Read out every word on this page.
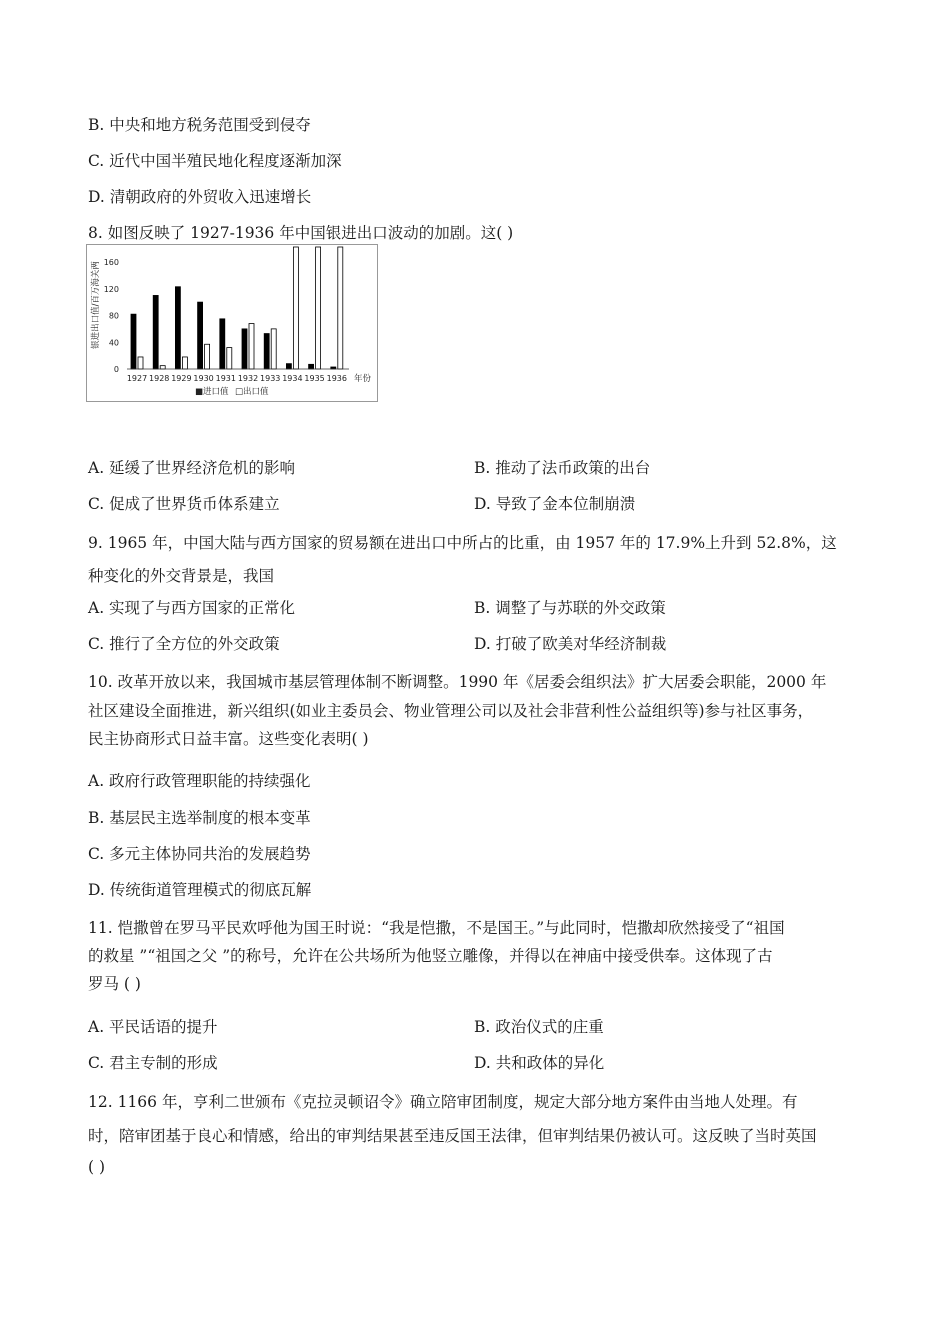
B. 中央和地方税务范围受到侵夺
C. 近代中国半殖民地化程度逐渐加深
D. 清朝政府的外贸收入迅速增长
8. 如图反映了 1927-1936 年中国银进出口波动的加剧。这( )
银进出口值/百万海关两
年份
■进口值 □出口值
0
40
80
120
160
1927 1928 1929 1930 1931 1932 1933 1934 1935 1936
A. 延缓了世界经济危机的影响	B. 推动了法币政策的出台
C. 促成了世界货币体系建立	D. 导致了金本位制崩溃
9. 1965 年，中国大陆与西方国家的贸易额在进出口中所占的比重，由 1957 年的 17.9%上升到 52.8%，这
种变化的外交背景是，我国
A. 实现了与西方国家的正常化	B. 调整了与苏联的外交政策
C. 推行了全方位的外交政策	D. 打破了欧美对华经济制裁
10. 改革开放以来，我国城市基层管理体制不断调整。1990 年《居委会组织法》扩大居委会职能，2000 年
社区建设全面推进，新兴组织(如业主委员会、物业管理公司以及社会非营利性公益组织等)参与社区事务，
民主协商形式日益丰富。这些变化表明( )
A. 政府行政管理职能的持续强化
B. 基层民主选举制度的根本变革
C. 多元主体协同共治的发展趋势
D. 传统街道管理模式的彻底瓦解
11. 恺撒曾在罗马平民欢呼他为国王时说：“我是恺撒，不是国王。”与此同时，恺撒却欣然接受了“祖国
的救星 ”“祖国之父 ”的称号，允许在公共场所为他竖立雕像，并得以在神庙中接受供奉。这体现了古
罗马 ( )
A. 平民话语的提升	B. 政治仪式的庄重
C. 君主专制的形成	D. 共和政体的异化
12. 1166 年，亨利二世颁布《克拉灵顿诏令》确立陪审团制度，规定大部分地方案件由当地人处理。有
时，陪审团基于良心和情感，给出的审判结果甚至违反国王法律，但审判结果仍被认可。这反映了当时英国
( )
